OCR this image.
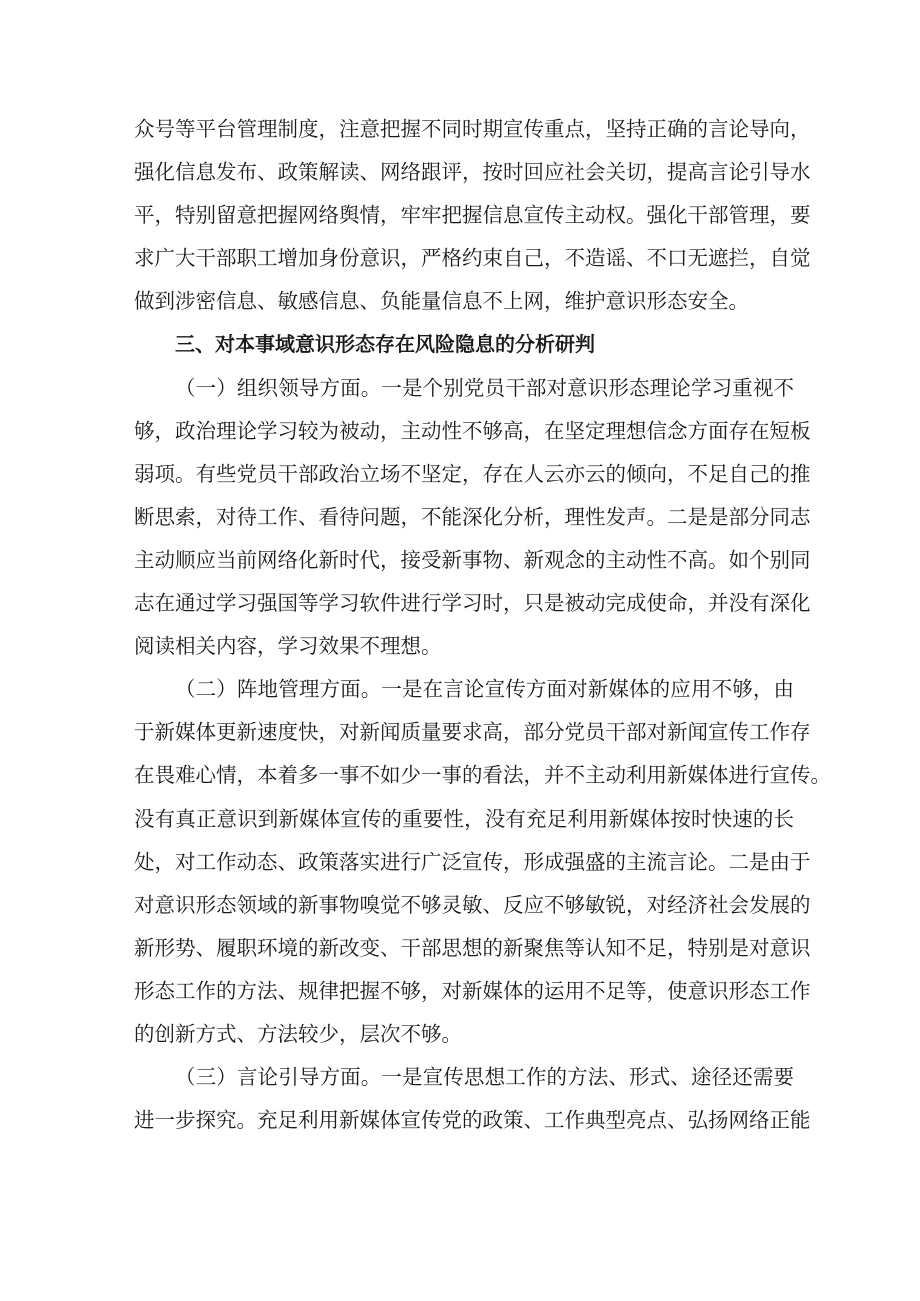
众号等平台管理制度，注意把握不同时期宣传重点，坚持正确的言论导向，
强化信息发布、政策解读、网络跟评，按时回应社会关切，提高言论引导水
平，特别留意把握网络舆情，牢牢把握信息宣传主动权。强化干部管理，要
求广大干部职工增加身份意识，严格约束自己，不造谣、不口无遮拦，自觉
做到涉密信息、敏感信息、负能量信息不上网，维护意识形态安全。
三、对本事域意识形态存在风险隐息的分析研判
（一）组织领导方面。一是个别党员干部对意识形态理论学习重视不
够，政治理论学习较为被动，主动性不够高，在坚定理想信念方面存在短板
弱项。有些党员干部政治立场不坚定，存在人云亦云的倾向，不足自己的推
断思索，对待工作、看待问题，不能深化分析，理性发声。二是是部分同志
主动顺应当前网络化新时代，接受新事物、新观念的主动性不高。如个别同
志在通过学习强国等学习软件进行学习时，只是被动完成使命，并没有深化
阅读相关内容，学习效果不理想。
（二）阵地管理方面。一是在言论宣传方面对新媒体的应用不够，由
于新媒体更新速度快，对新闻质量要求高，部分党员干部对新闻宣传工作存
在畏难心情，本着多一事不如少一事的看法，并不主动利用新媒体进行宣传。
没有真正意识到新媒体宣传的重要性，没有充足利用新媒体按时快速的长
处，对工作动态、政策落实进行广泛宣传，形成强盛的主流言论。二是由于
对意识形态领域的新事物嗅觉不够灵敏、反应不够敏锐，对经济社会发展的
新形势、履职环境的新改变、干部思想的新聚焦等认知不足，特别是对意识
形态工作的方法、规律把握不够，对新媒体的运用不足等，使意识形态工作
的创新方式、方法较少，层次不够。
（三）言论引导方面。一是宣传思想工作的方法、形式、途径还需要
进一步探究。充足利用新媒体宣传党的政策、工作典型亮点、弘扬网络正能
